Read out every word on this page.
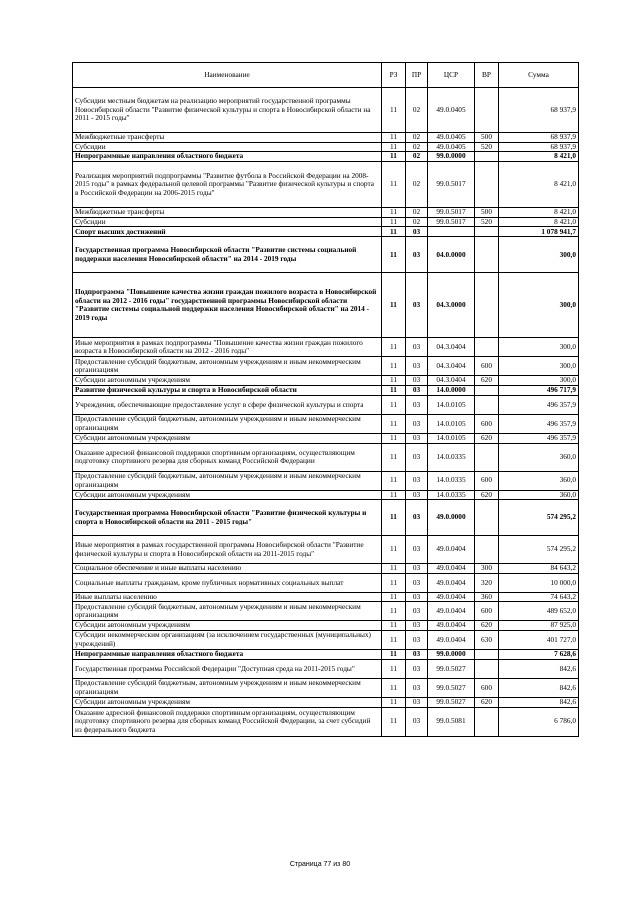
Наименование	РЗ	ПР	ЦСР	ВР	Сумма
Субсидии местным бюджетам на реализацию мероприятий государственной программы Новосибирской области "Развитие физической культуры и спорта в Новосибирской области на 2011 - 2015 годы"	11	02	49.0.0405		68 937,9
Межбюджетные трансферты	11	02	49.0.0405	500	68 937,9
Субсидии	11	02	49.0.0405	520	68 937,9
Непрограммные направления областного бюджета	11	02	99.0.0000		8 421,0
Реализация мероприятий подпрограммы "Развитие футбола в Российской Федерации на 2008-2015 годы" в рамках федеральной целевой программы "Развитие физической культуры и спорта в Российской Федерации на 2006-2015 годы"	11	02	99.0.5017		8 421,0
Межбюджетные трансферты	11	02	99.0.5017	500	8 421,0
Субсидии	11	02	99.0.5017	520	8 421,0
Спорт высших достижений	11	03			1 078 941,7
Государственная программа Новосибирской области "Развитие системы социальной поддержки населения Новосибирской области" на 2014 - 2019 годы	11	03	04.0.0000		300,0
Подпрограмма "Повышение качества жизни граждан пожилого возраста в Новосибирской области на 2012 - 2016 годы" государственной программы Новосибирской области "Развитие системы социальной поддержки населения Новосибирской области" на 2014 - 2019 годы	11	03	04.3.0000		300,0
Иные мероприятия в рамках подпрограммы "Повышение качества жизни граждан пожилого возраста в Новосибирской области на 2012 - 2016 годы"	11	03	04.3.0404		300,0
Предоставление субсидий бюджетным, автономным учреждениям и иным некоммерческим организациям	11	03	04.3.0404	600	300,0
Субсидии автономным учреждениям	11	03	04.3.0404	620	300,0
Развитие физической культуры и спорта в Новосибирской области	11	03	14.0.0000		496 717,9
Учреждения, обеспечивающие предоставление услуг в сфере физической культуры и спорта	11	03	14.0.0105		496 357,9
Предоставление субсидий бюджетным, автономным учреждениям и иным некоммерческим организациям	11	03	14.0.0105	600	496 357,9
Субсидии автономным учреждениям	11	03	14.0.0105	620	496 357,9
Оказание адресной финансовой поддержки спортивным организациям, осуществляющим подготовку спортивного резерва для сборных команд Российской Федерации	11	03	14.0.0335		360,0
Предоставление субсидий бюджетным, автономным учреждениям и иным некоммерческим организациям	11	03	14.0.0335	600	360,0
Субсидии автономным учреждениям	11	03	14.0.0335	620	360,0
Государственная программа Новосибирской области "Развитие физической культуры и спорта в Новосибирской области на 2011 - 2015 годы"	11	03	49.0.0000		574 295,2
Иные мероприятия в рамках государственной программы Новосибирской области "Развитие физической культуры и спорта в Новосибирской области на 2011-2015 годы"	11	03	49.0.0404		574 295,2
Социальное обеспечение и иные выплаты населению	11	03	49.0.0404	300	84 643,2
Социальные выплаты гражданам, кроме публичных нормативных социальных выплат	11	03	49.0.0404	320	10 000,0
Иные выплаты населению	11	03	49.0.0404	360	74 643,2
Предоставление субсидий бюджетным, автономным учреждениям и иным некоммерческим организациям	11	03	49.0.0404	600	489 652,0
Субсидии автономным учреждениям	11	03	49.0.0404	620	87 925,0
Субсидии некоммерческим организациям (за исключением государственных (муниципальных) учреждений)	11	03	49.0.0404	630	401 727,0
Непрограммные направления областного бюджета	11	03	99.0.0000		7 628,6
Государственная программа Российской Федерации "Доступная среда на 2011-2015 годы"	11	03	99.0.5027		842,6
Предоставление субсидий бюджетным, автономным учреждениям и иным некоммерческим организациям	11	03	99.0.5027	600	842,6
Субсидии автономным учреждениям	11	03	99.0.5027	620	842,6
Оказание адресной финансовой поддержки спортивным организациям, осуществляющим подготовку спортивного резерва для сборных команд Российской Федерации, за счет субсидий из федерального бюджета	11	03	99.0.5081		6 786,0
Страница 77 из 80
